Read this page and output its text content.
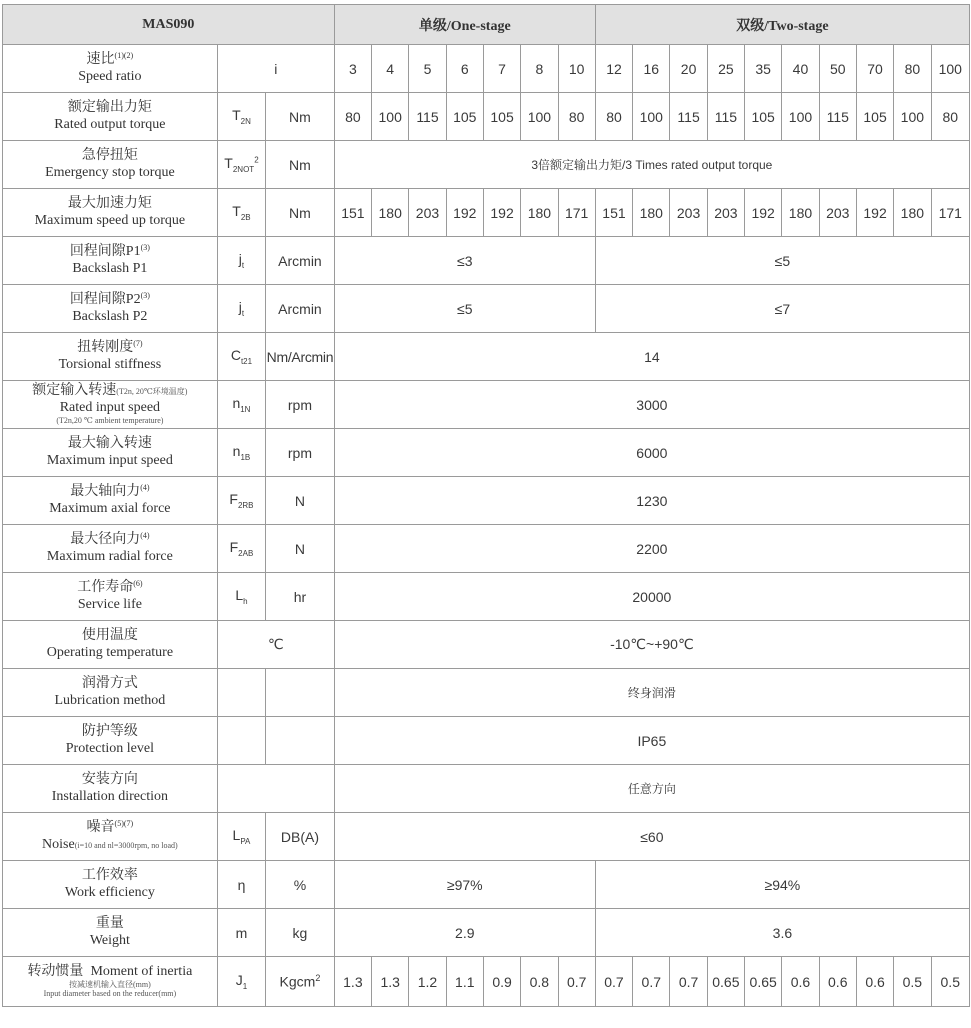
MAS090			单级/One-stage							双级/Two-stage									

速比$^{(1)(2)}$
Speed ratio	i		3	4	5	6	7	8	10	12	16	20	25	35	40	50	70	80	100

额定输出力矩
Rated output torque	$T_{2N}$	Nm	80	100	115	105	105	100	80	80	100	115	115	105	100	115	105	100	80

急停扭矩
Emergency stop torque	$T_{2NOT}^2$	Nm	3倍额定输出力矩/3 Times rated output torque																

最大加速力矩
Maximum speed up torque	$T_{2B}$	Nm	151	180	203	192	192	180	171	151	180	203	203	192	180	203	192	180	171

回程间隙P1$^{(3)}$
Backslash P1	$j_t$	Arcmin	≤3							≤5									

回程间隙P2$^{(3)}$
Backslash P2	$j_t$	Arcmin	≤5							≤7									

扭转刚度$^{(7)}$
Torsional stiffness	$C_{t21}$	Nm/Arcmin	14																

额定输入转速(T2n, 20℃环境温度)
Rated input speed
(T2n,20 ℃ ambient temperature)	$n_{1N}$	rpm	3000																

最大输入转速
Maximum input speed	$n_{1B}$	rpm	6000																

最大轴向力$^{(4)}$
Maximum axial force	$F_{2RB}$	N	1230																

最大径向力$^{(4)}$
Maximum radial force	$F_{2AB}$	N	2200																

工作寿命$^{(6)}$
Service life	$L_h$	hr	20000																

使用温度
Operating temperature	℃		-10℃~+90℃																

润滑方式
Lubrication method			终身润滑																

防护等级
Protection level			IP65																

安装方向
Installation direction			任意方向																

噪音$^{(5)(7)}$
Noise(i=10 and nl=3000rpm, no load)	$L_{PA}$	DB(A)	≤60																

工作效率
Work efficiency	η	%	≥97%							≥94%									

重量
Weight	m	kg	2.9							3.6									

转动惯量 Moment of inertia
按减速机输入直径(mm)
Input diameter based on the reducer(mm)	$J_1$	Kgcm$^2$	1.3	1.3	1.2	1.1	0.9	0.8	0.7	0.7	0.7	0.7	0.65	0.65	0.6	0.6	0.6	0.5	0.5
